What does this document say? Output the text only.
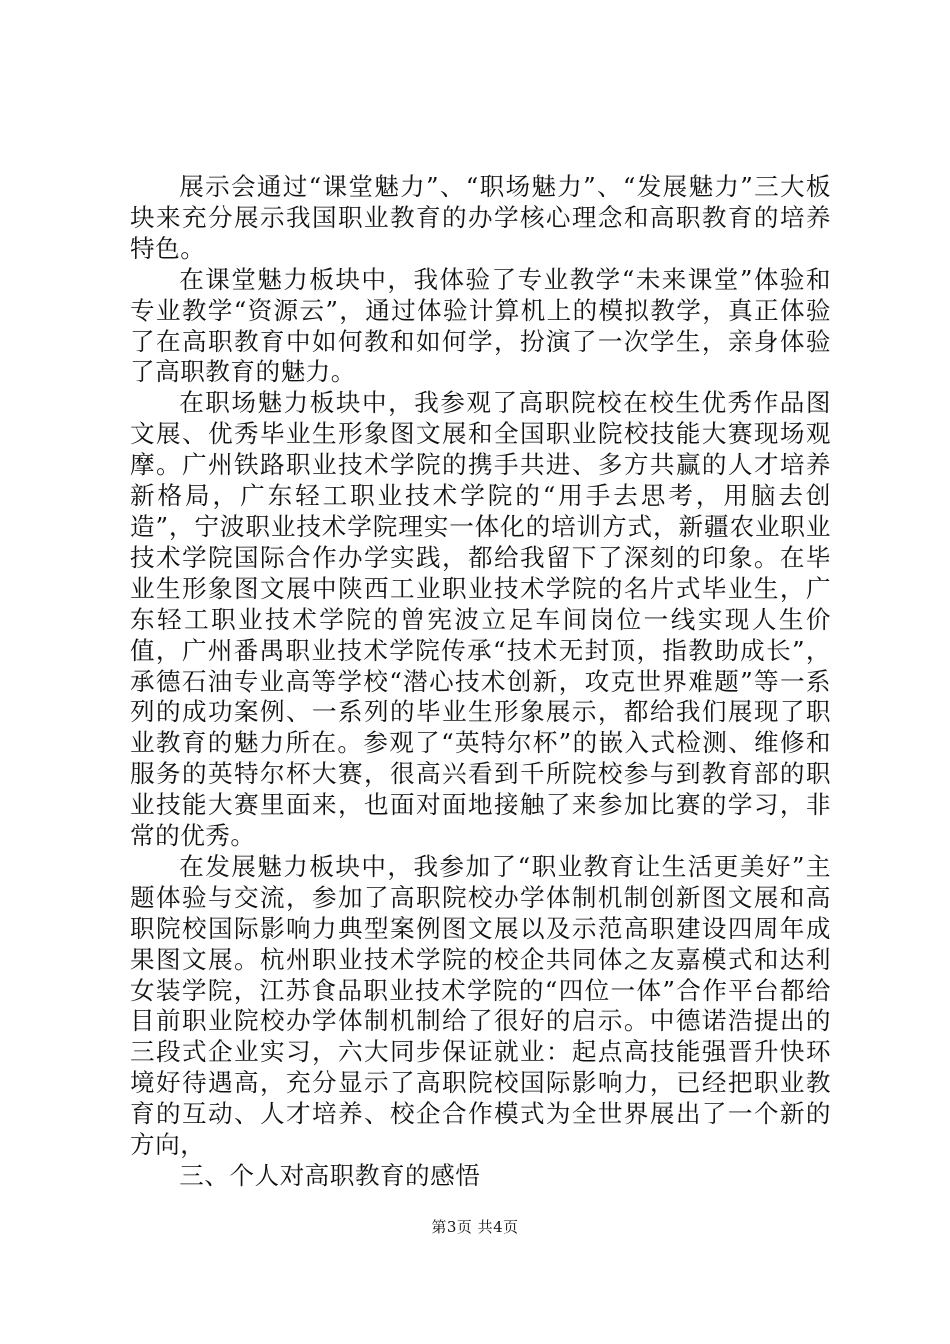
展示会通过“课堂魅力”、“职场魅力”、“发展魅力”三大板块来充分展示我国职业教育的办学核心理念和高职教育的培养特色。

在课堂魅力板块中，我体验了专业教学“未来课堂”体验和专业教学“资源云”，通过体验计算机上的模拟教学，真正体验了在高职教育中如何教和如何学，扮演了一次学生，亲身体验了高职教育的魅力。

在职场魅力板块中，我参观了高职院校在校生优秀作品图文展、优秀毕业生形象图文展和全国职业院校技能大赛现场观摩。广州铁路职业技术学院的携手共进、多方共赢的人才培养新格局，广东轻工职业技术学院的“用手去思考，用脑去创造”，宁波职业技术学院理实一体化的培训方式，新疆农业职业技术学院国际合作办学实践，都给我留下了深刻的印象。在毕业生形象图文展中陕西工业职业技术学院的名片式毕业生，广东轻工职业技术学院的曾宪波立足车间岗位一线实现人生价值，广州番禺职业技术学院传承“技术无封顶，指教助成长”，承德石油专业高等学校“潜心技术创新，攻克世界难题”等一系列的成功案例、一系列的毕业生形象展示，都给我们展现了职业教育的魅力所在。参观了“英特尔杯”的嵌入式检测、维修和服务的英特尔杯大赛，很高兴看到千所院校参与到教育部的职业技能大赛里面来，也面对面地接触了来参加比赛的学习，非常的优秀。

在发展魅力板块中，我参加了“职业教育让生活更美好”主题体验与交流，参加了高职院校办学体制机制创新图文展和高职院校国际影响力典型案例图文展以及示范高职建设四周年成果图文展。杭州职业技术学院的校企共同体之友嘉模式和达利女装学院，江苏食品职业技术学院的“四位一体”合作平台都给目前职业院校办学体制机制给了很好的启示。中德诺浩提出的三段式企业实习，六大同步保证就业：起点高技能强晋升快环境好待遇高，充分显示了高职院校国际影响力，已经把职业教育的互动、人才培养、校企合作模式为全世界展出了一个新的方向，

三、个人对高职教育的感悟

第3页 共4页
